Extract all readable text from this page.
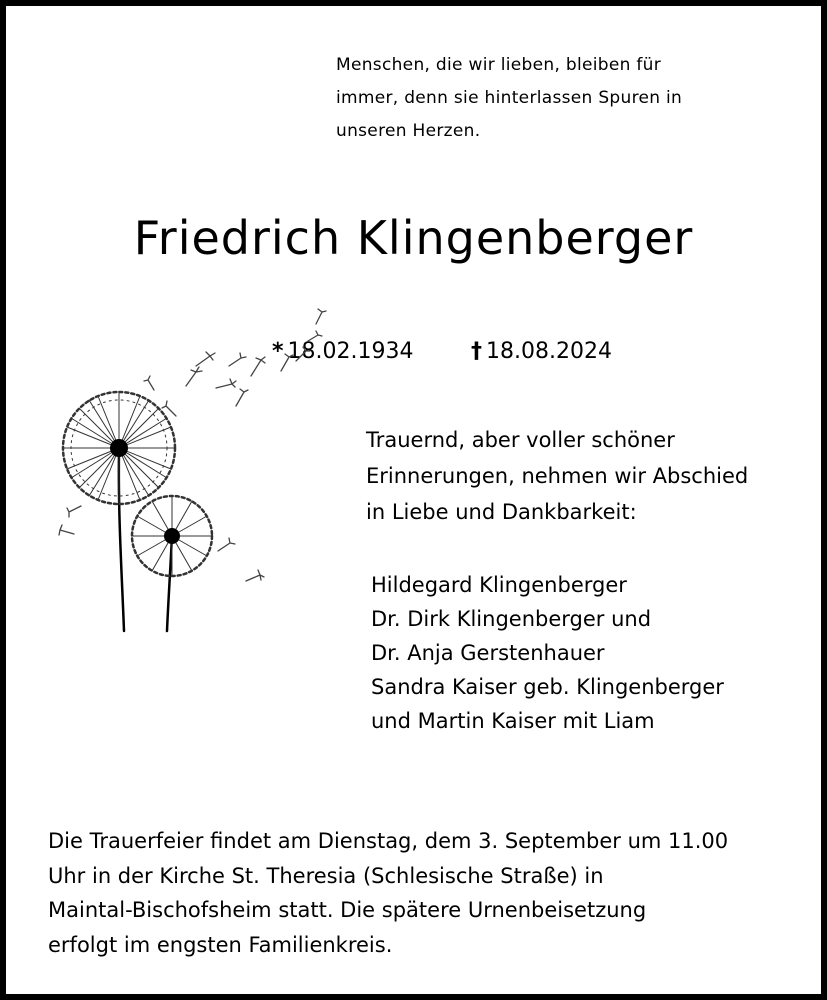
Menschen, die wir lieben, bleiben für
immer, denn sie hinterlassen Spuren in
unseren Herzen.
Friedrich Klingenberger
* 18.02.1934	† 18.08.2024
Trauernd, aber voller schöner
Erinnerungen, nehmen wir Abschied
in Liebe und Dankbarkeit:
Hildegard Klingenberger
Dr. Dirk Klingenberger und
Dr. Anja Gerstenhauer
Sandra Kaiser geb. Klingenberger
und Martin Kaiser mit Liam
Die Trauerfeier findet am Dienstag, dem 3. September um 11.00
Uhr in der Kirche St. Theresia (Schlesische Straße) in
Maintal-Bischofsheim statt. Die spätere Urnenbeisetzung
erfolgt im engsten Familienkreis.
